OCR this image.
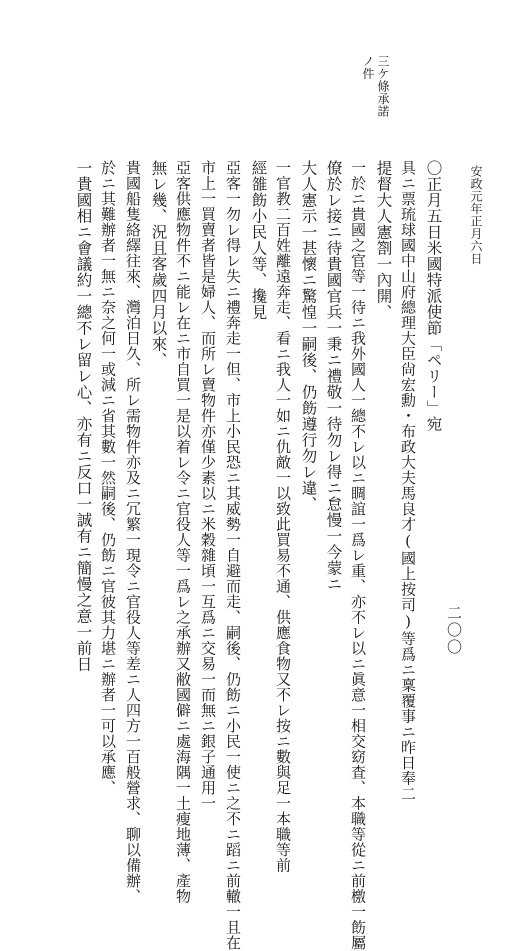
安政元年正月六日
三ケ條承諾
ノ件
〇正月五日米國特派使節「ペリー」宛
具ニ票琉球國中山府總理大臣尙宏勳・布政大夫馬良才(國上按司)等爲ニ稟覆事ニ昨日奉二
提督大人憲劄一內開、
一於ニ貴國之官等一待ニ我外國人一總不レ以ニ睭誼一爲レ重、亦不レ以ニ眞意一相交窈査、本職等從ニ前檄一飭屬
僚於レ接ニ待貴國官兵一秉ニ禮敬一待勿レ得ニ怠慢一今蒙ニ
大人憲示一甚懷ニ驚惶一嗣後、仍飭遵行勿レ違、
一官教二百姓離遠奔走、看ニ我人一如ニ仇敵一以致此買易不通、供應食物又不レ按ニ數與足一本職等前
經雒飭小民人等、攙見
亞客一勿レ得レ失ニ禮奔走一但、市上小民恐ニ其威勢一自避而走、嗣後、仍飭ニ小民一使ニ之不ニ蹈ニ前轍一且在
市上一買賣者皆是婦人、而所レ賣物件亦僅少素以ニ米穀雜頃一互爲ニ交易一而無ニ銀子通用一
亞客供應物件不ニ能レ在ニ市自買一是以着レ令ニ官役人等一爲レ之承辦又敝國僻ニ處海隅一土瘦地薄、產物
無レ幾、況且客歲四月以來、
貴國船隻絡繹往來、灣泊日久、所レ需物件亦及ニ冗繁一現令ニ官役人等差ニ人四方一百般營求、聊以備辦、
於ニ其難辦者一無ニ奈之何一或減ニ省其數一然嗣後、仍飭ニ官彼其力堪ニ辦者一可以承應、
一貴國相ニ會議約一總不レ留レ心、亦有ニ反口一誠有ニ簡慢之意一前日	二〇〇
